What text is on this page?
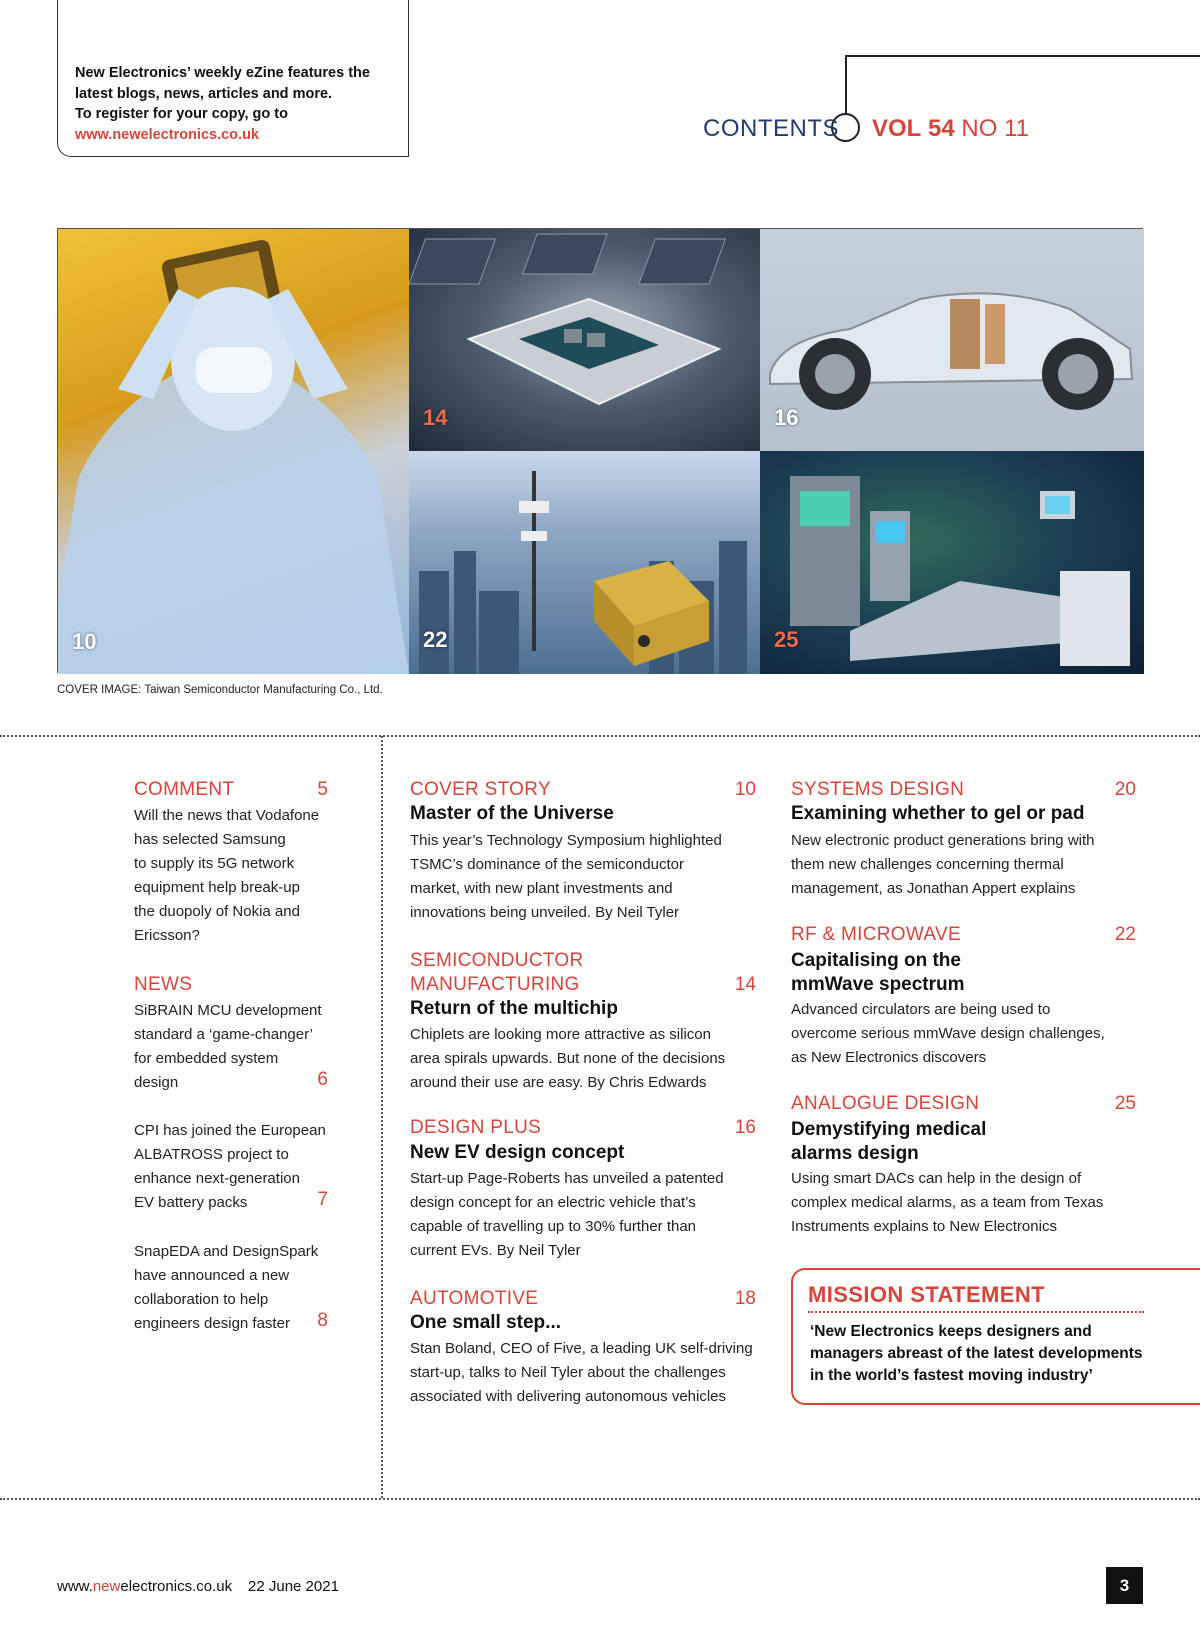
New Electronics’ weekly eZine features the
latest blogs, news, articles and more.
To register for your copy, go to
www.newelectronics.co.uk	CONTENTS VOL 54 NO 11
10
14	16
22	25
COVER IMAGE: Taiwan Semiconductor Manufacturing Co., Ltd.
COMMENT	5
Will the news that Vodafone
has selected Samsung
to supply its 5G network
equipment help break-up
the duopoly of Nokia and
Ericsson?
NEWS
SiBRAIN MCU development
standard a ‘game-changer’
for embedded system
design	6
CPI has joined the European
ALBATROSS project to
enhance next-generation
EV battery packs	7
SnapEDA and DesignSpark
have announced a new
collaboration to help
engineers design faster	8
COVER STORY	10
Master of the Universe
This year’s Technology Symposium highlighted
TSMC’s dominance of the semiconductor
market, with new plant investments and
innovations being unveiled. By Neil Tyler
SEMICONDUCTOR
MANUFACTURING	14
Return of the multichip
Chiplets are looking more attractive as silicon
area spirals upwards. But none of the decisions
around their use are easy. By Chris Edwards
DESIGN PLUS	16
New EV design concept
Start-up Page-Roberts has unveiled a patented
design concept for an electric vehicle that’s
capable of travelling up to 30% further than
current EVs. By Neil Tyler
AUTOMOTIVE	18
One small step...
Stan Boland, CEO of Five, a leading UK self-driving
start-up, talks to Neil Tyler about the challenges
associated with delivering autonomous vehicles
SYSTEMS DESIGN	20
Examining whether to gel or pad
New electronic product generations bring with
them new challenges concerning thermal
management, as Jonathan Appert explains
RF & MICROWAVE	22
Capitalising on the
mmWave spectrum
Advanced circulators are being used to
overcome serious mmWave design challenges,
as New Electronics discovers
ANALOGUE DESIGN	25
Demystifying medical
alarms design
Using smart DACs can help in the design of
complex medical alarms, as a team from Texas
Instruments explains to New Electronics
MISSION STATEMENT
‘New Electronics keeps designers and
managers abreast of the latest developments
in the world’s fastest moving industry’
www.newelectronics.co.uk 22 June 2021	3
